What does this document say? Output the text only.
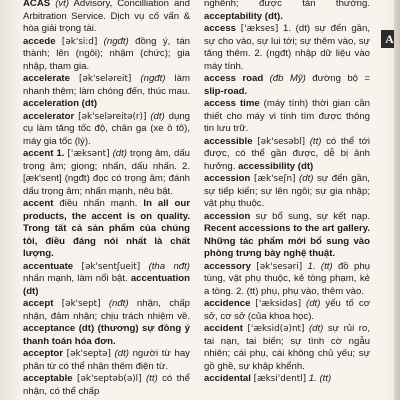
ACAS (vt) Advisory, Concilliation and Arbitration Service. Dịch vụ cố vấn & hòa giải trọng tài.

accede [ək'si:d] (ngđt) đồng ý, tán thành; lên (ngôi); nhậm (chức); gia nhập, tham gia.

accelerate [ək'seləreit] (ngđt) làm nhanh thêm; làm chóng đến, thúc mau. acceleration (dt)

accelerator [ək'seləreitə(r)] (dt) dụng cụ làm tăng tốc độ, chân ga (xe ô tô), máy gia tốc (lý).

accent 1. ['æksənt] (dt) trọng âm, dấu trọng âm; giọng; nhấn, dấu nhấn. 2. [æk'sent] (ngđt) đọc có trọng âm; đánh dấu trọng âm; nhấn mạnh, nêu bật.

accent điều nhấn mạnh. In all our products, the accent is on quality. Trong tất cả sản phẩm của chúng tôi, điều đáng nói nhất là chất lượng.

accentuate [ək'sentʃueit] (tha nđt) nhấn mạnh, làm nổi bật. accentuation (dt)

accept [ək'sept] (nđt) nhận, chấp nhận, đảm nhận; chịu trách nhiệm về. acceptance (dt) (thương) sự đồng ý thanh toán hóa đơn.

acceptor [ək'septə] (dt) người từ hay phân từ có thể nhận thêm điện từ.

acceptable [ək'septəb(ə)l] (tt) có thể nhận, có thể chấp

nghênh; được tán thưởng. acceptability (dt).

access ['ækses] 1. (dt) sự đến gần, sự cho vào, sự lui tới; sự thêm vào, sự tăng thêm. 2. (ngđt) nhập dữ liệu vào máy tính.

access road (đb Mỹ) đường bộ = slip-road.

access time (máy tính) thời gian cần thiết cho máy vi tính tìm được thông tin lưu trữ.

accessible [ək'sesəbl] (tt) có thể tới được, có thể gần được, dễ bị ảnh hưởng. accessibility (dt)

accession [æk'seʃn] (dt) sự đến gần, sự tiếp kiến; sự lên ngôi; sự gia nhập; vật phụ thuộc.

accession sự bổ sung, sự kết nạp. Recent accessions to the art gallery. Những tác phẩm mới bổ sung vào phòng trưng bày nghệ thuật.

accessory [ək'sesəri] 1. (tt) đồ phụ tùng, vật phụ thuộc, kẻ tòng phạm, kẻ a tòng. 2. (tt) phụ, phụ vào, thêm vào.

accidence ['æksidəs] (dt) yếu tố cơ sở, cơ sở (của khoa học).

accident ['æksid(ə)nt] (dt) sự rủi ro, tai nạn, tai biến; sự tình cờ ngẫu nhiên; cái phụ, cái không chủ yếu; sự gồ ghề, sự khập khểnh.

accidental [æksi'dentl] 1. (tt)

A
